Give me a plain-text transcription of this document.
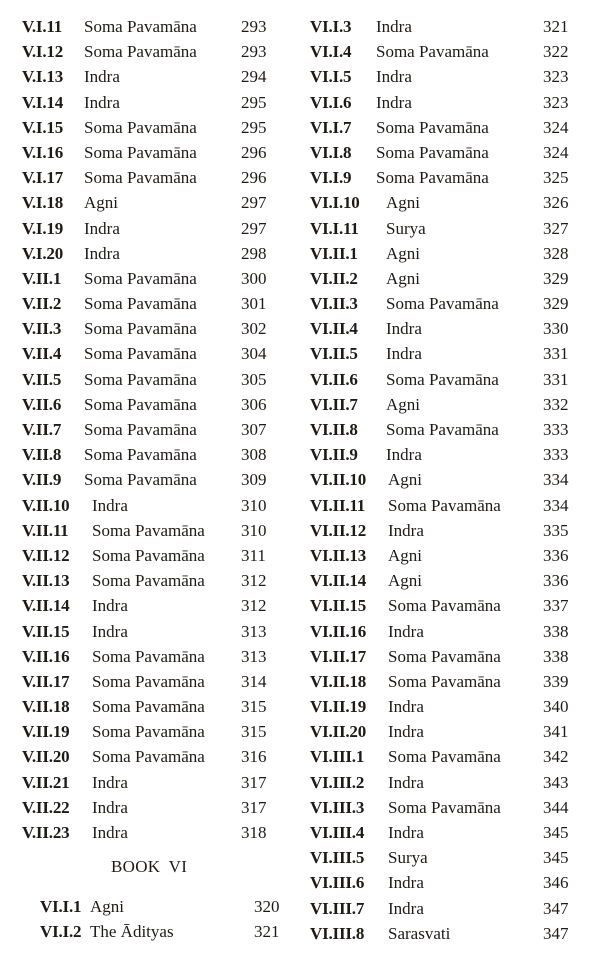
V.I.11 Soma Pavamāna	293
V.I.12 Soma Pavamāna	293
V.I.13 Indra	294
V.I.14 Indra	295
V.I.15 Soma Pavamāna	295
V.I.16 Soma Pavamāna	296
V.I.17 Soma Pavamāna	296
V.I.18 Agni	297
V.I.19 Indra	297
V.I.20 Indra	298
V.II.1 Soma Pavamāna	300
V.II.2 Soma Pavamāna	301
V.II.3 Soma Pavamāna	302
V.II.4 Soma Pavamāna	304
V.II.5 Soma Pavamāna	305
V.II.6 Soma Pavamāna	306
V.II.7 Soma Pavamāna	307
V.II.8 Soma Pavamāna	308
V.II.9 Soma Pavamāna	309
V.II.10 Indra	310
V.II.11 Soma Pavamāna 310
V.II.12 Soma Pavamāna 311
V.II.13 Soma Pavamāna 312
V.II.14 Indra	312
V.II.15 Indra	313
V.II.16 Soma Pavamāna 313
V.II.17 Soma Pavamāna 314
V.II.18 Soma Pavamāna 315
V.II.19 Soma Pavamāna 315
V.II.20 Soma Pavamāna 316
V.II.21 Indra	317
V.II.22 Indra	317
V.II.23 Indra	318
BOOK VI
VI.I.1 Agni	320
VI.I.2 The Ādityas	321
VI.I.3 Indra	321
VI.I.4 Soma Pavamāna	322
VI.I.5 Indra	323
VI.I.6 Indra	323
VI.I.7 Soma Pavamāna	324
VI.I.8 Soma Pavamāna	324
VI.I.9 Soma Pavamāna	325
VI.I.10 Agni	326
VI.I.11 Surya	327
VI.II.1 Agni	328
VI.II.2 Agni	329
VI.II.3 Soma Pavamāna	329
VI.II.4 Indra	330
VI.II.5 Indra	331
VI.II.6 Soma Pavamāna	331
VI.II.7 Agni	332
VI.II.8 Soma Pavamāna	333
VI.II.9 Indra	333
VI.II.10 Agni	334
VI.II.11 Soma Pavamāna 334
VI.II.12 Indra	335
VI.II.13 Agni	336
VI.II.14 Agni	336
VI.II.15 Soma Pavamāna 337
VI.II.16 Indra	338
VI.II.17 Soma Pavamāna 338
VI.II.18 Soma Pavamāna 339
VI.II.19 Indra	340
VI.II.20 Indra	341
VI.III.1 Soma Pavamāna 342
VI.III.2 Indra	343
VI.III.3 Soma Pavamāna 344
VI.III.4 Indra	345
VI.III.5 Surya	345
VI.III.6 Indra	346
VI.III.7 Indra	347
VI.III.8 Sarasvati	347
